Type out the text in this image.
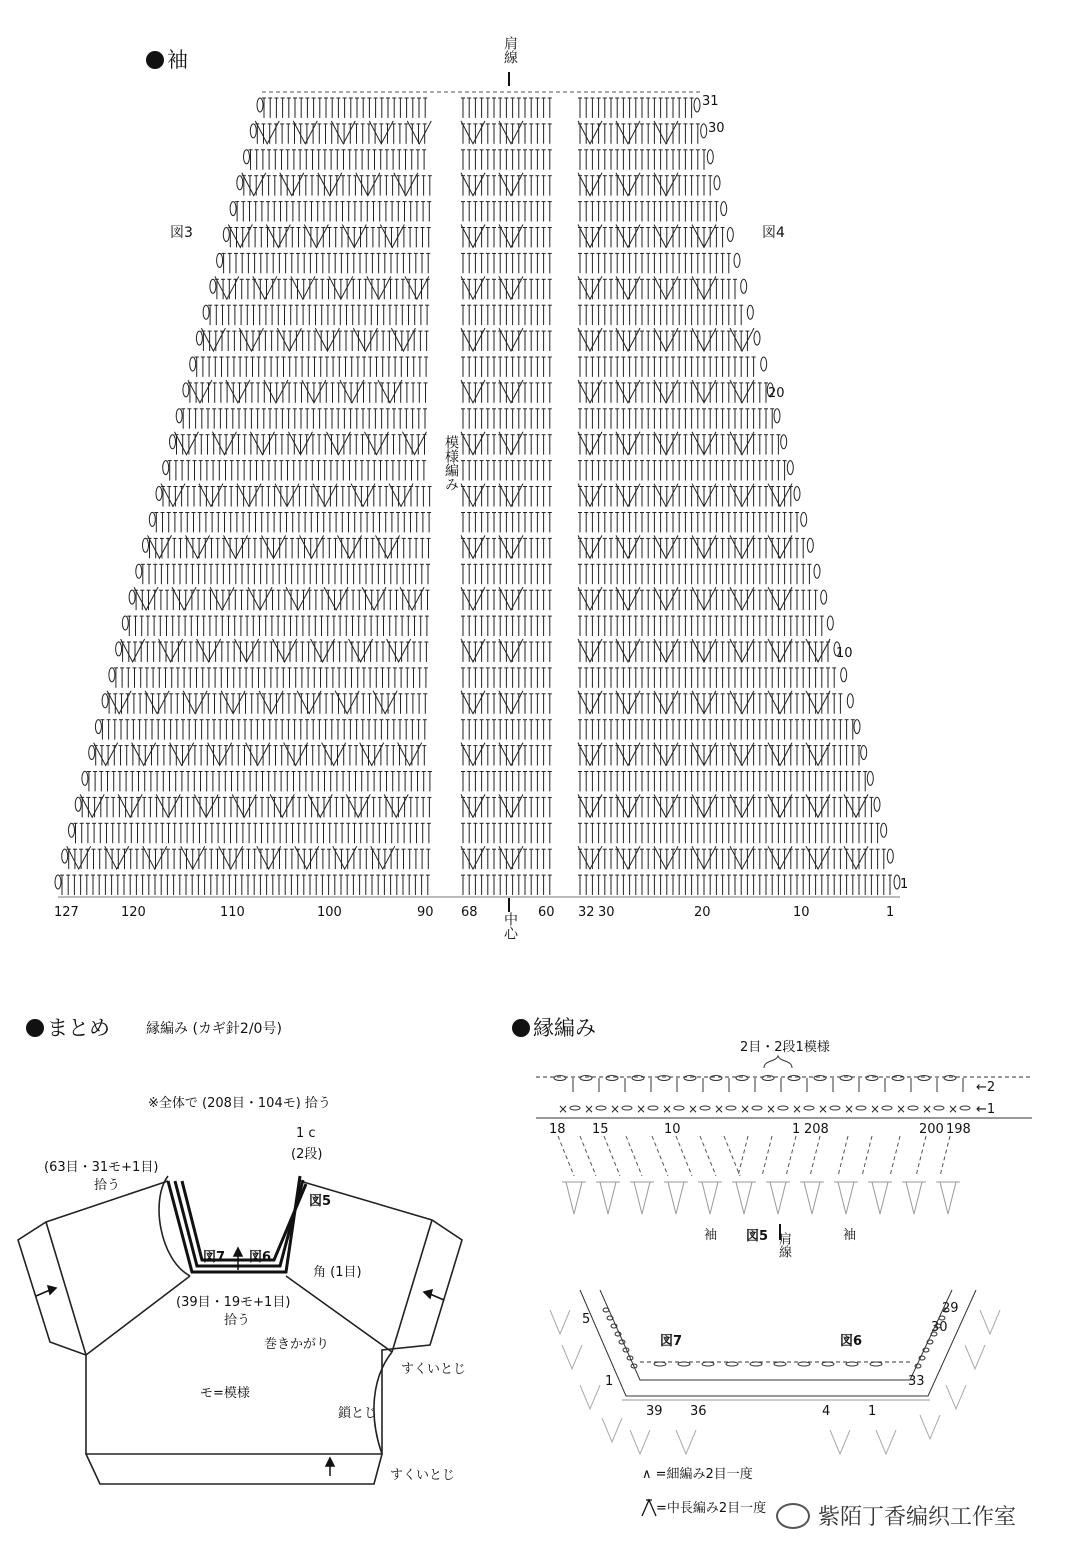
袖	肩線
図3	図4
模様編み
中心
31
30
20
10
1
127	120	110	100	90 68	60 32 30	20	10	1
まとめ	縁編み (カギ針2/0号)
※全体で (208目・104モ) 拾う
(63目・31モ+1目)
拾う
1 c
(2段)
図5
図7 図6
角 (1目)
(39目・19モ+1目)
拾う
巻きかがり
すくいとじ
鎖とじ
すくいとじ
モ=模様
縁編み
2目・2段1模様
←2
←1
18 15	10	1 208	200 198
袖	袖
図5 肩線
図7	図6
5
1
29
30
33
39 36	4	1
∧ =細編み2目一度
=中長編み2目一度
× × × × × × × × × × × × × × × ×
紫陌丁香编织工作室
